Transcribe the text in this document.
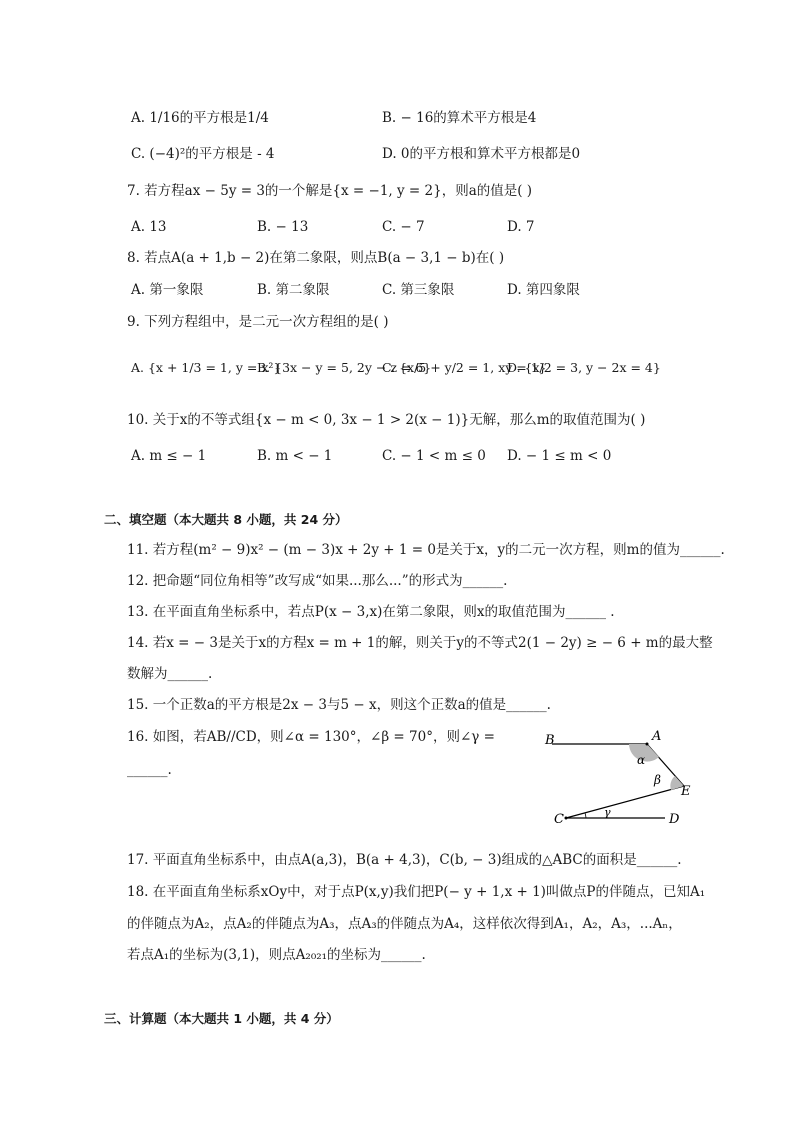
A. 1/16的平方根是1/4	B. − 16的算术平方根是4
C. (−4)²的平方根是 - 4	D. 0的平方根和算术平方根都是0
7. 若方程ax − 5y = 3的一个解是{x = −1, y = 2}，则a的值是( )
A. 13	B. − 13	C. − 7	D. 7
8. 若点A(a + 1,b − 2)在第二象限，则点B(a − 3,1 − b)在( )
A. 第一象限	B. 第二象限	C. 第三象限	D. 第四象限
9. 下列方程组中，是二元一次方程组的是( )
A. {x + 1/3 = 1, y = x²}
B. {3x − y = 5, 2y − z = 6}
C. {x/5 + y/2 = 1, xy = 1}
D. {x/2 = 3, y − 2x = 4}
10. 关于x的不等式组{x − m < 0, 3x − 1 > 2(x − 1)}无解，那么m的取值范围为( )
A. m ≤ − 1	B. m < − 1	C. − 1 < m ≤ 0 D. − 1 ≤ m < 0
二、填空题（本大题共 8 小题，共 24 分）
11. 若方程(m² − 9)x² − (m − 3)x + 2y + 1 = 0是关于x，y的二元一次方程，则m的值为______.
12. 把命题“同位角相等”改写成“如果...那么...”的形式为______.
13. 在平面直角坐标系中，若点P(x − 3,x)在第二象限，则x的取值范围为______ .
14. 若x = − 3是关于x的方程x = m + 1的解，则关于y的不等式2(1 − 2y) ≥ − 6 + m的最大整
数解为______.
15. 一个正数a的平方根是2x − 3与5 − x，则这个正数a的值是______.
16. 如图，若AB//CD，则∠α = 130°，∠β = 70°，则∠γ =
______.
B	A
α
β
E
C	γ	D
17. 平面直角坐标系中，由点A(a,3)，B(a + 4,3)，C(b, − 3)组成的△ABC的面积是______.
18. 在平面直角坐标系xOy中，对于点P(x,y)我们把P(− y + 1,x + 1)叫做点P的伴随点，已知A₁
的伴随点为A₂，点A₂的伴随点为A₃，点A₃的伴随点为A₄，这样依次得到A₁，A₂，A₃，...Aₙ，
若点A₁的坐标为(3,1)，则点A₂₀₂₁的坐标为______.
三、计算题（本大题共 1 小题，共 4 分）
